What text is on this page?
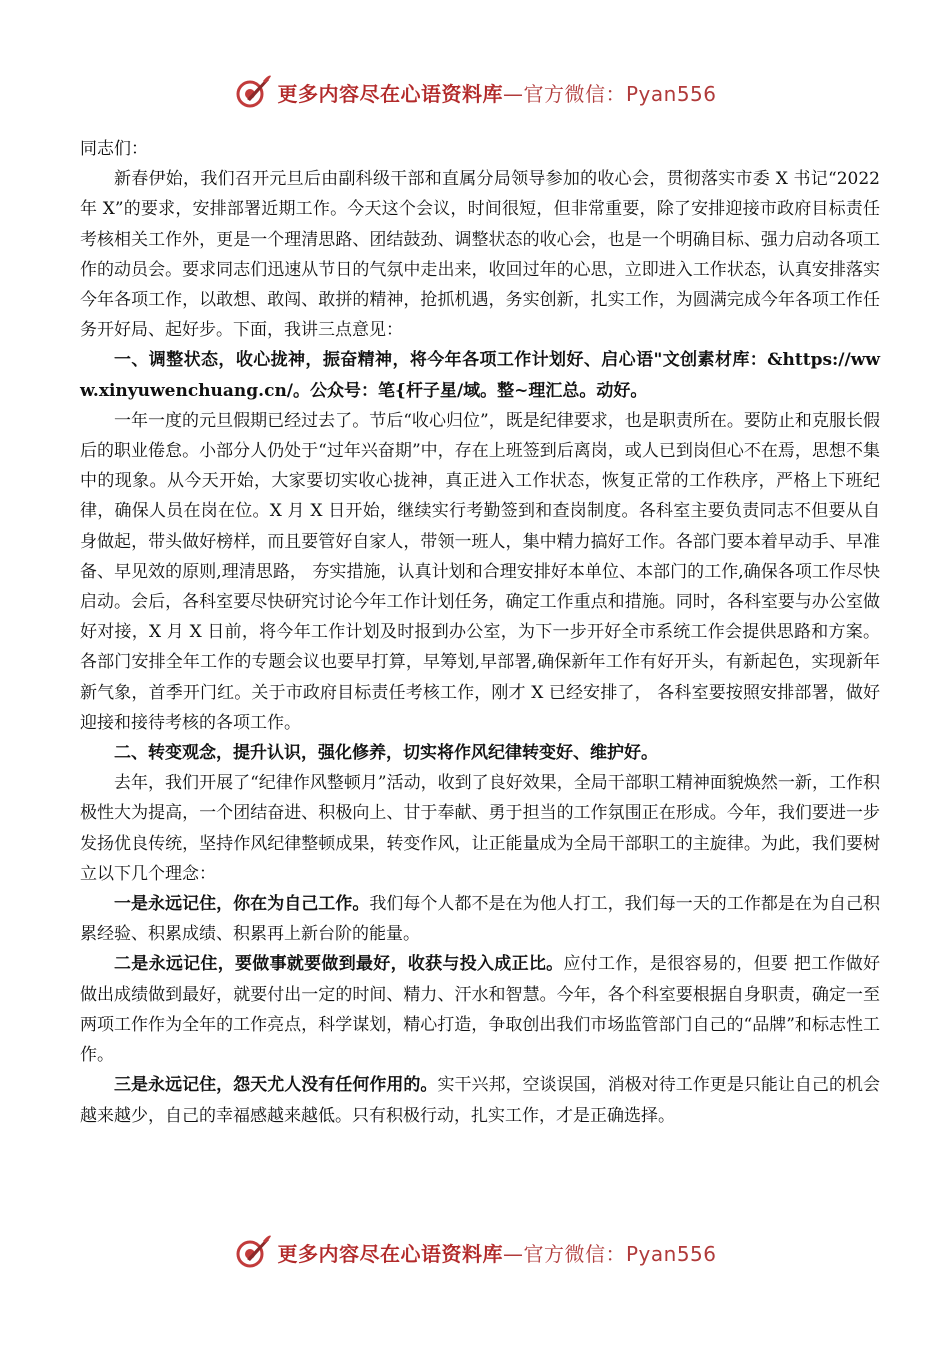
更多内容尽在心语资料库—官方微信：Pyan556

同志们：

新春伊始，我们召开元旦后由副科级干部和直属分局领导参加的收心会，贯彻落实市委 X 书记“2022 年 X”的要求，安排部署近期工作。今天这个会议，时间很短，但非常重要，除了安排迎接市政府目标责任考核相关工作外，更是一个理清思路、团结鼓劲、调整状态的收心会，也是一个明确目标、强力启动各项工作的动员会。要求同志们迅速从节日的气氛中走出来，收回过年的心思，立即进入工作状态，认真安排落实今年各项工作，以敢想、敢闯、敢拼的精神，抢抓机遇，务实创新，扎实工作，为圆满完成今年各项工作任务开好局、起好步。下面，我讲三点意见：

一、调整状态，收心拢神，振奋精神，将今年各项工作计划好、启心语"文创素材库：&https://www.xinyuwenchuang.cn/。公众号：笔{杆子星/域。整~理汇总。动好。

一年一度的元旦假期已经过去了。节后“收心归位”，既是纪律要求，也是职责所在。要防止和克服长假后的职业倦怠。小部分人仍处于“过年兴奋期”中，存在上班签到后离岗，或人已到岗但心不在焉，思想不集中的现象。从今天开始，大家要切实收心拢神，真正进入工作状态，恢复正常的工作秩序，严格上下班纪律，确保人员在岗在位。X 月 X 日开始，继续实行考勤签到和查岗制度。各科室主要负责同志不但要从自身做起，带头做好榜样，而且要管好自家人，带领一班人，集中精力搞好工作。各部门要本着早动手、早准备、早见效的原则,理清思路， 夯实措施，认真计划和合理安排好本单位、本部门的工作,确保各项工作尽快启动。会后，各科室要尽快研究讨论今年工作计划任务，确定工作重点和措施。同时，各科室要与办公室做好对接，X 月 X 日前，将今年工作计划及时报到办公室，为下一步开好全市系统工作会提供思路和方案。各部门安排全年工作的专题会议也要早打算，早筹划,早部署,确保新年工作有好开头，有新起色，实现新年新气象，首季开门红。关于市政府目标责任考核工作，刚才 X 已经安排了， 各科室要按照安排部署，做好迎接和接待考核的各项工作。

二、转变观念，提升认识，强化修养，切实将作风纪律转变好、维护好。

去年，我们开展了“纪律作风整顿月”活动，收到了良好效果，全局干部职工精神面貌焕然一新，工作积极性大为提高，一个团结奋进、积极向上、甘于奉献、勇于担当的工作氛围正在形成。今年，我们要进一步发扬优良传统，坚持作风纪律整顿成果，转变作风，让正能量成为全局干部职工的主旋律。为此，我们要树立以下几个理念：

一是永远记住，你在为自己工作。我们每个人都不是在为他人打工，我们每一天的工作都是在为自己积累经验、积累成绩、积累再上新台阶的能量。

二是永远记住，要做事就要做到最好，收获与投入成正比。应付工作，是很容易的，但要 把工作做好做出成绩做到最好，就要付出一定的时间、精力、汗水和智慧。今年，各个科室要根据自身职责，确定一至两项工作作为全年的工作亮点，科学谋划，精心打造，争取创出我们市场监管部门自己的“品牌”和标志性工作。

三是永远记住，怨天尤人没有任何作用的。实干兴邦，空谈误国，消极对待工作更是只能让自己的机会越来越少，自己的幸福感越来越低。只有积极行动，扎实工作，才是正确选择。

更多内容尽在心语资料库—官方微信：Pyan556
